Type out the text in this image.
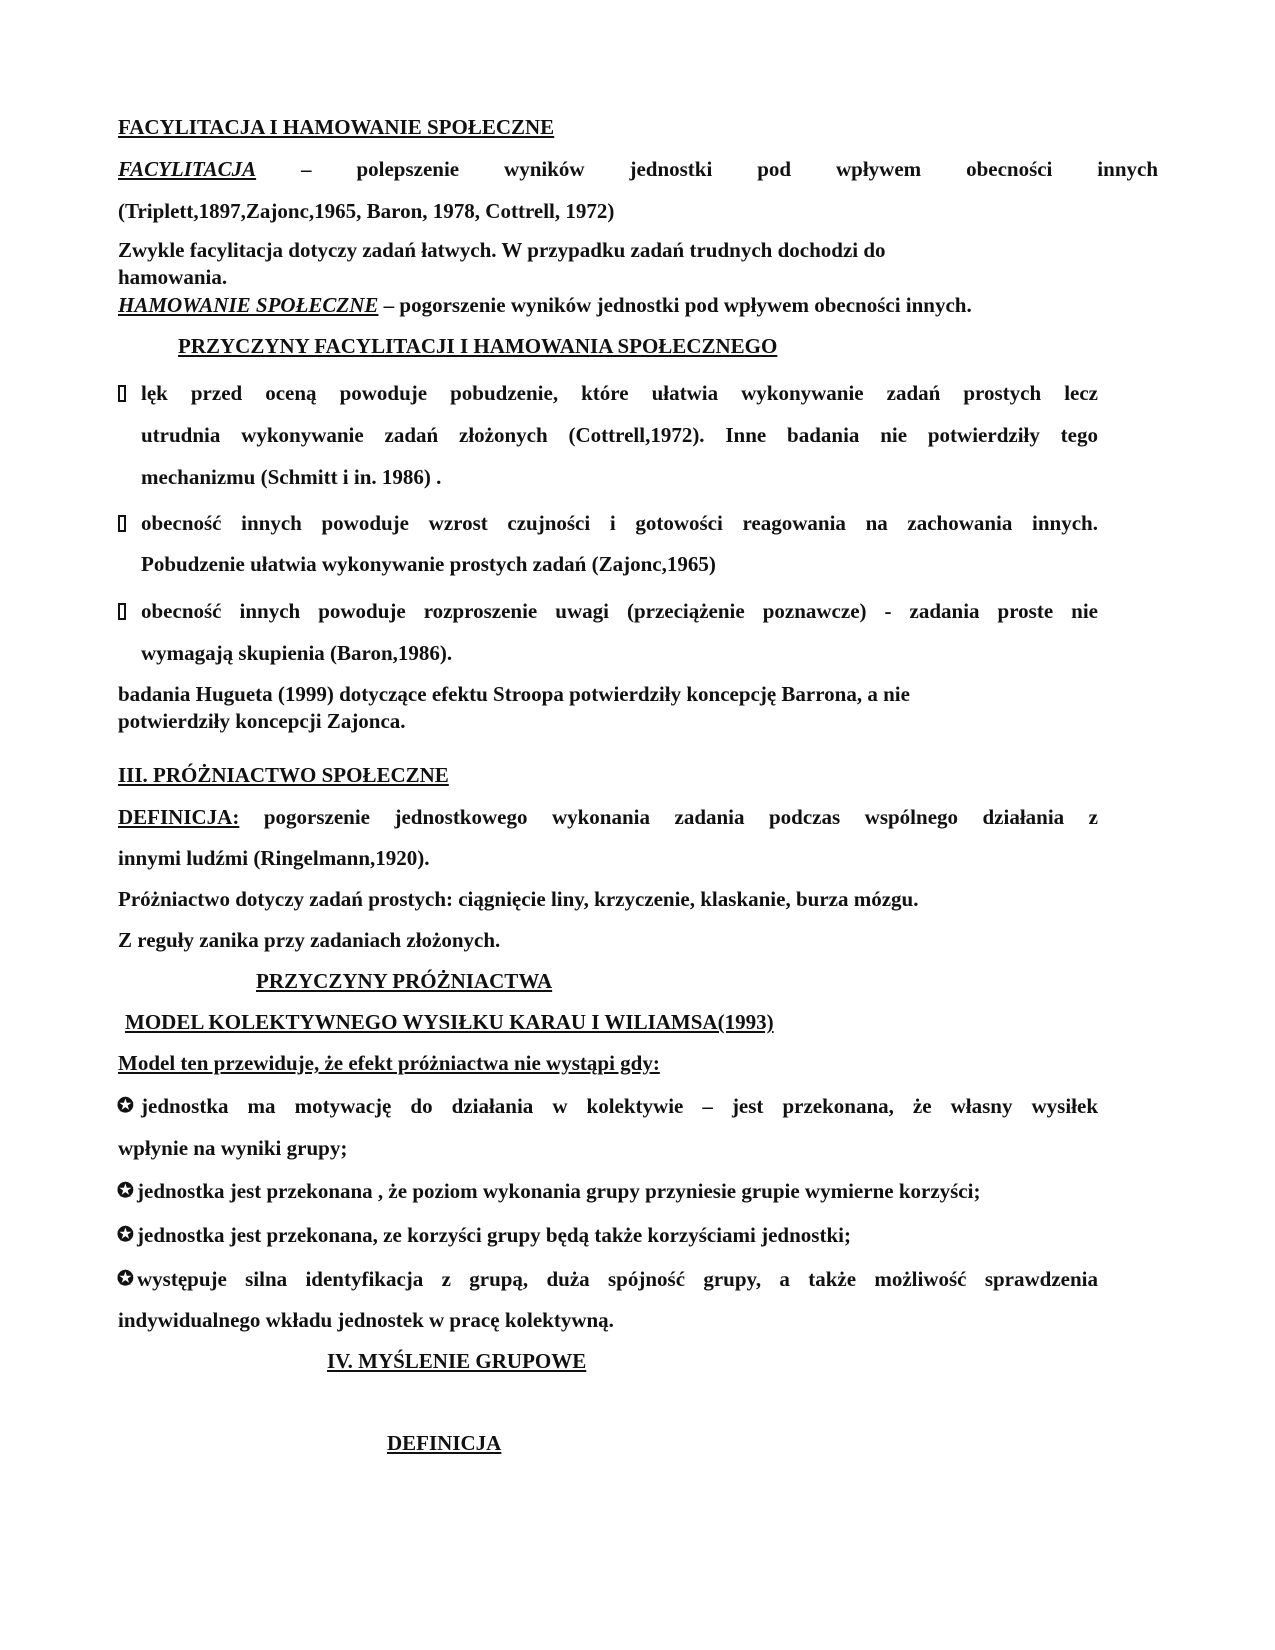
FACYLITACJA I HAMOWANIE SPOŁECZNE
FACYLITACJA – polepszenie wyników jednostki pod wpływem obecności innych
(Triplett,1897,Zajonc,1965, Baron, 1978, Cottrell, 1972)
Zwykle facylitacja dotyczy zadań łatwych. W przypadku zadań trudnych dochodzi do
hamowania.
HAMOWANIE SPOŁECZNE – pogorszenie wyników jednostki pod wpływem obecności innych.
PRZYCZYNY FACYLITACJI I HAMOWANIA SPOŁECZNEGO
lęk przed oceną powoduje pobudzenie, które ułatwia wykonywanie zadań prostych lecz
utrudnia wykonywanie zadań złożonych (Cottrell,1972). Inne badania nie potwierdziły tego
mechanizmu (Schmitt i in. 1986) .
obecność innych powoduje wzrost czujności i gotowości reagowania na zachowania innych.
Pobudzenie ułatwia wykonywanie prostych zadań (Zajonc,1965)
obecność innych powoduje rozproszenie uwagi (przeciążenie poznawcze) - zadania proste nie
wymagają skupienia (Baron,1986).
badania Hugueta (1999) dotyczące efektu Stroopa potwierdziły koncepcję Barrona, a nie
potwierdziły koncepcji Zajonca.
III. PRÓŻNIACTWO SPOŁECZNE
DEFINICJA: pogorszenie jednostkowego wykonania zadania podczas wspólnego działania z
innymi ludźmi (Ringelmann,1920).
Próżniactwo dotyczy zadań prostych: ciągnięcie liny, krzyczenie, klaskanie, burza mózgu.
Z reguły zanika przy zadaniach złożonych.
PRZYCZYNY PRÓŻNIACTWA
MODEL KOLEKTYWNEGO WYSIŁKU KARAU I WILIAMSA(1993)
Model ten przewiduje, że efekt próżniactwa nie wystąpi gdy:
✪ jednostka ma motywację do działania w kolektywie – jest przekonana, że własny wysiłek
wpłynie na wyniki grupy;
✪ jednostka jest przekonana , że poziom wykonania grupy przyniesie grupie wymierne korzyści;
✪ jednostka jest przekonana, ze korzyści grupy będą także korzyściami jednostki;
✪ występuje silna identyfikacja z grupą, duża spójność grupy, a także możliwość sprawdzenia
indywidualnego wkładu jednostek w pracę kolektywną.
IV. MYŚLENIE GRUPOWE
DEFINICJA
